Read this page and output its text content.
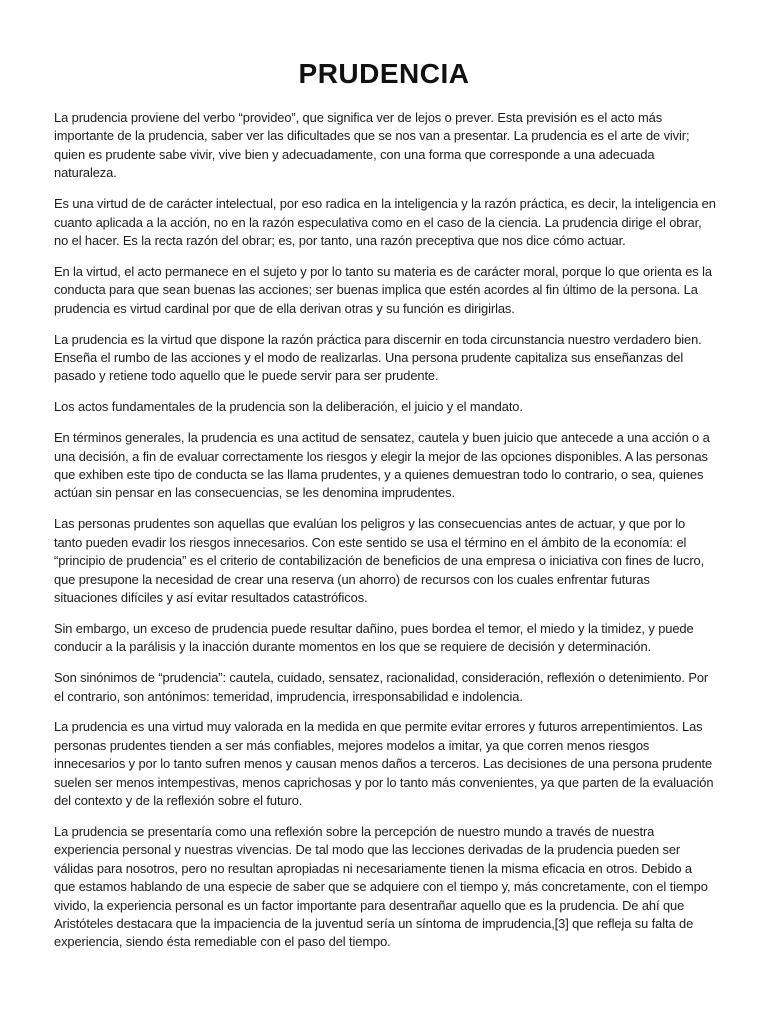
PRUDENCIA

La prudencia proviene del verbo “provideo”, que significa ver de lejos o prever. Esta previsión es el acto más importante de la prudencia, saber ver las dificultades que se nos van a presentar. La prudencia es el arte de vivir; quien es prudente sabe vivir, vive bien y adecuadamente, con una forma que corresponde a una adecuada naturaleza.

Es una virtud de de carácter intelectual, por eso radica en la inteligencia y la razón práctica, es decir, la inteligencia en cuanto aplicada a la acción, no en la razón especulativa como en el caso de la ciencia. La prudencia dirige el obrar, no el hacer. Es la recta razón del obrar; es, por tanto, una razón preceptiva que nos dice cómo actuar.

En la virtud, el acto permanece en el sujeto y por lo tanto su materia es de carácter moral, porque lo que orienta es la conducta para que sean buenas las acciones; ser buenas implica que estén acordes al fin último de la persona. La prudencia es virtud cardinal por que de ella derivan otras y su función es dirigirlas.

La prudencia es la virtud que dispone la razón práctica para discernir en toda circunstancia nuestro verdadero bien. Enseña el rumbo de las acciones y el modo de realizarlas. Una persona prudente capitaliza sus enseñanzas del pasado y retiene todo aquello que le puede servir para ser prudente.

Los actos fundamentales de la prudencia son la deliberación, el juicio y el mandato.

En términos generales, la prudencia es una actitud de sensatez, cautela y buen juicio que antecede a una acción o a una decisión, a fin de evaluar correctamente los riesgos y elegir la mejor de las opciones disponibles. A las personas que exhiben este tipo de conducta se las llama prudentes, y a quienes demuestran todo lo contrario, o sea, quienes actúan sin pensar en las consecuencias, se les denomina imprudentes.

Las personas prudentes son aquellas que evalúan los peligros y las consecuencias antes de actuar, y que por lo tanto pueden evadir los riesgos innecesarios. Con este sentido se usa el término en el ámbito de la economía: el “principio de prudencia” es el criterio de contabilización de beneficios de una empresa o iniciativa con fines de lucro, que presupone la necesidad de crear una reserva (un ahorro) de recursos con los cuales enfrentar futuras situaciones difíciles y así evitar resultados catastróficos.

Sin embargo, un exceso de prudencia puede resultar dañino, pues bordea el temor, el miedo y la timidez, y puede conducir a la parálisis y la inacción durante momentos en los que se requiere de decisión y determinación.

Son sinónimos de “prudencia”: cautela, cuidado, sensatez, racionalidad, consideración, reflexión o detenimiento. Por el contrario, son antónimos: temeridad, imprudencia, irresponsabilidad e indolencia.

La prudencia es una virtud muy valorada en la medida en que permite evitar errores y futuros arrepentimientos. Las personas prudentes tienden a ser más confiables, mejores modelos a imitar, ya que corren menos riesgos innecesarios y por lo tanto sufren menos y causan menos daños a terceros. Las decisiones de una persona prudente suelen ser menos intempestivas, menos caprichosas y por lo tanto más convenientes, ya que parten de la evaluación del contexto y de la reflexión sobre el futuro.

La prudencia se presentaría como una reflexión sobre la percepción de nuestro mundo a través de nuestra experiencia personal y nuestras vivencias. De tal modo que las lecciones derivadas de la prudencia pueden ser válidas para nosotros, pero no resultan apropiadas ni necesariamente tienen la misma eficacia en otros. Debido a que estamos hablando de una especie de saber que se adquiere con el tiempo y, más concretamente, con el tiempo vivido, la experiencia personal es un factor importante para desentrañar aquello que es la prudencia. De ahí que Aristóteles destacara que la impaciencia de la juventud sería un síntoma de imprudencia,[3] que refleja su falta de experiencia, siendo ésta remediable con el paso del tiempo.
